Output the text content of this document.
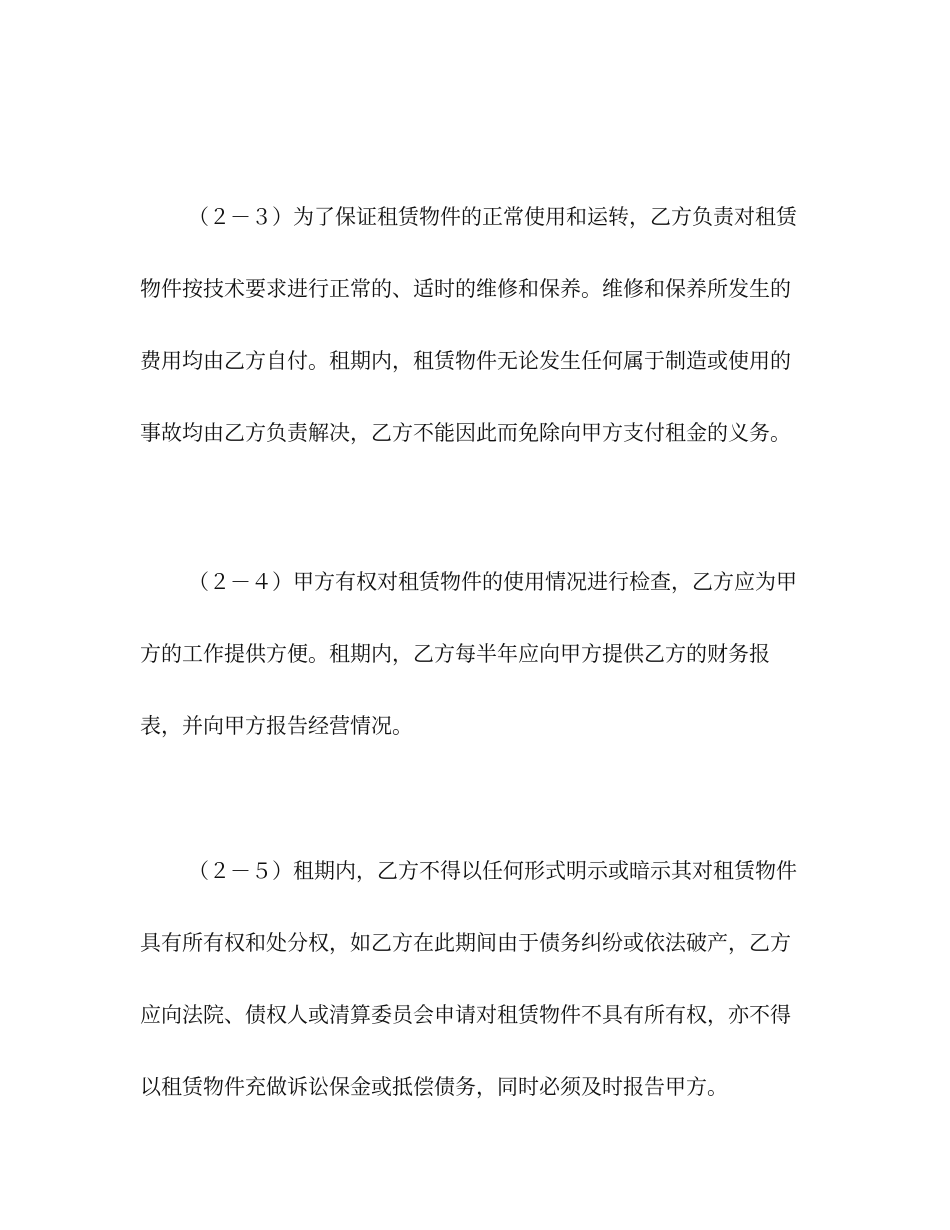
（２－３）为了保证租赁物件的正常使用和运转，乙方负责对租赁
物件按技术要求进行正常的、适时的维修和保养。维修和保养所发生的
费用均由乙方自付。租期内，租赁物件无论发生任何属于制造或使用的
事故均由乙方负责解决，乙方不能因此而免除向甲方支付租金的义务。
（２－４）甲方有权对租赁物件的使用情况进行检查，乙方应为甲
方的工作提供方便。租期内，乙方每半年应向甲方提供乙方的财务报
表，并向甲方报告经营情况。
（２－５）租期内，乙方不得以任何形式明示或暗示其对租赁物件
具有所有权和处分权，如乙方在此期间由于债务纠纷或依法破产，乙方
应向法院、债权人或清算委员会申请对租赁物件不具有所有权，亦不得
以租赁物件充做诉讼保金或抵偿债务，同时必须及时报告甲方。
